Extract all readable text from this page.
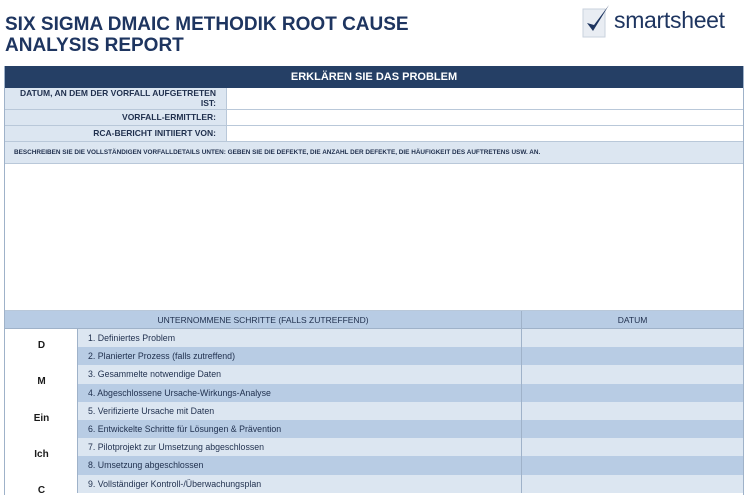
SIX SIGMA DMAIC METHODIK ROOT CAUSE ANALYSIS REPORT
smartsheet
ERKLÄREN SIE DAS PROBLEM
DATUM, AN DEM DER VORFALL AUFGETRETEN IST:
VORFALL-ERMITTLER:
RCA-BERICHT INITIIERT VON:
BESCHREIBEN SIE DIE VOLLSTÄNDIGEN VORFALLDETAILS UNTEN: GEBEN SIE DIE DEFEKTE, DIE ANZAHL DER DEFEKTE, DIE HÄUFIGKEIT DES AUFTRETENS USW. AN.
UNTERNOMMENE SCHRITTE (FALLS ZUTREFFEND)	DATUM
D
M
Ein
Ich
C
1. Definiertes Problem
2. Planierter Prozess (falls zutreffend)
3. Gesammelte notwendige Daten
4. Abgeschlossene Ursache-Wirkungs-Analyse
5. Verifizierte Ursache mit Daten
6. Entwickelte Schritte für Lösungen & Prävention
7. Pilotprojekt zur Umsetzung abgeschlossen
8. Umsetzung abgeschlossen
9. Vollständiger Kontroll-/Überwachungsplan
